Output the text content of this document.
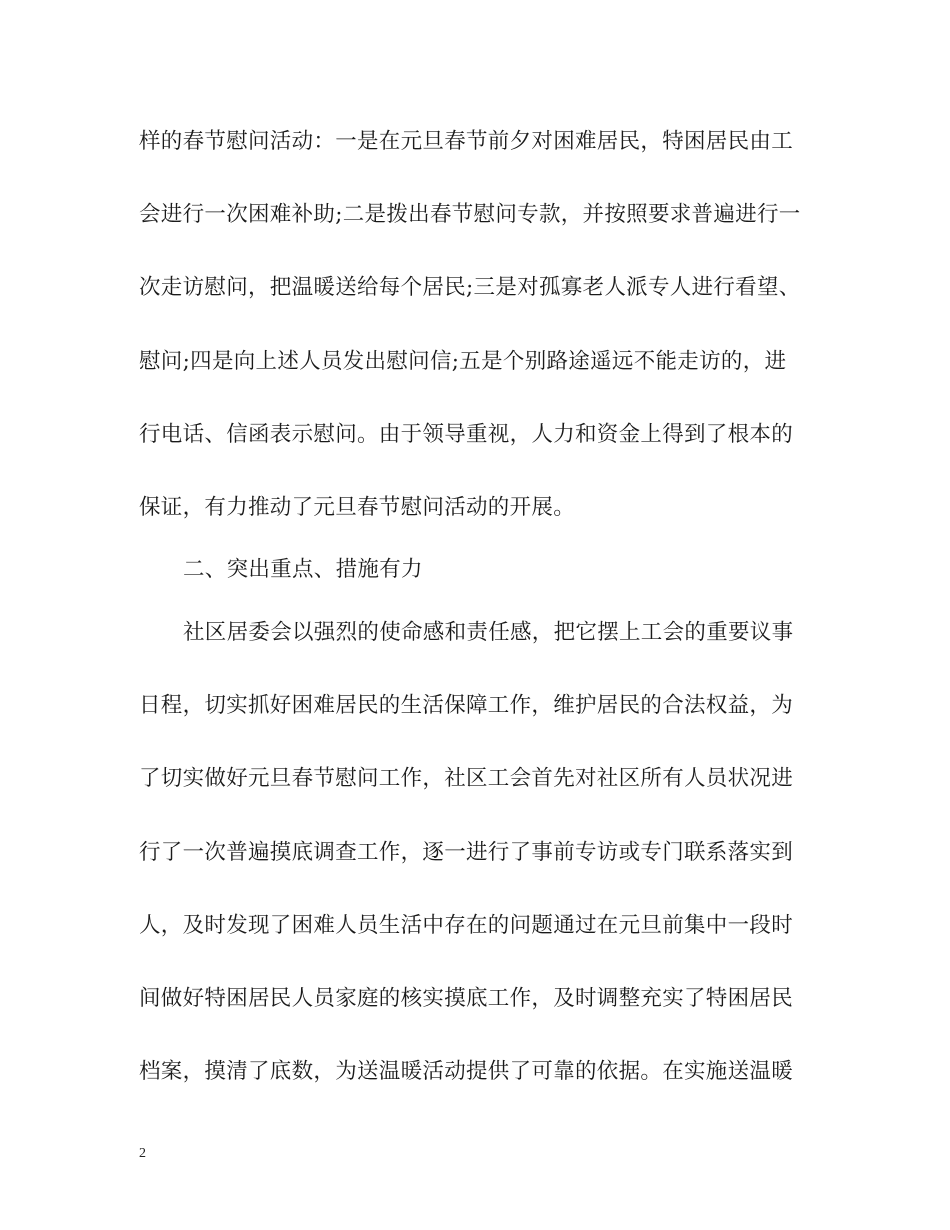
样的春节慰问活动：一是在元旦春节前夕对困难居民，特困居民由工

会进行一次困难补助;二是拨出春节慰问专款，并按照要求普遍进行一

次走访慰问，把温暖送给每个居民;三是对孤寡老人派专人进行看望、

慰问;四是向上述人员发出慰问信;五是个别路途遥远不能走访的，进

行电话、信函表示慰问。由于领导重视，人力和资金上得到了根本的

保证，有力推动了元旦春节慰问活动的开展。

二、突出重点、措施有力

社区居委会以强烈的使命感和责任感，把它摆上工会的重要议事

日程，切实抓好困难居民的生活保障工作，维护居民的合法权益，为

了切实做好元旦春节慰问工作，社区工会首先对社区所有人员状况进

行了一次普遍摸底调查工作，逐一进行了事前专访或专门联系落实到

人，及时发现了困难人员生活中存在的问题通过在元旦前集中一段时

间做好特困居民人员家庭的核实摸底工作，及时调整充实了特困居民

档案，摸清了底数，为送温暖活动提供了可靠的依据。在实施送温暖

2
